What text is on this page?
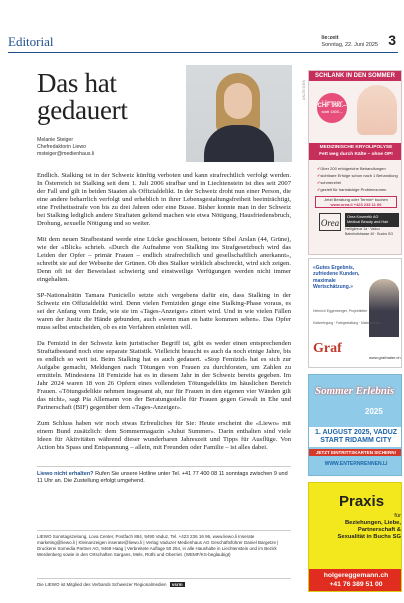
Editorial	lie:zeit
Sonntag, 22. Juni 2025 3
Das hat
gedauert
Melanie Steiger
Chefredaktorin Liewo
msteiger@medienhaus.li

Endlich. Stalking ist in der Schweiz künftig verboten und kann strafrechtlich verfolgt werden. In Österreich ist Stalking seit dem 1. Juli 2006 strafbar und in Liechtenstein ist dies seit 2007 der Fall und gilt in beiden Staaten als Offizialdelikt. In der Schweiz droht nun einer Person, die eine andere beharrlich verfolgt und erheblich in ihrer Lebensgestaltungsfreiheit beeinträchtigt, eine Freiheitsstrafe von bis zu drei Jahren oder eine Busse. Bisher konnte man in der Schweiz bei Stalking lediglich andere Straftaten geltend machen wie etwa Nötigung, Hausfriedensbruch, Drohung, sexuelle Nötigung und so weiter.

Mit dem neuen Strafbestand werde eine Lücke geschlossen, betonte Sibel Arslan (44, Grüne), wie der «Blick» schrieb. «Durch die Aufnahme von Stalking ins Strafgesetzbuch wird das Leiden der Opfer – primär Frauen – endlich strafrechtlich und gesellschaftlich anerkannt», schreibt sie auf der Webseite der Grünen. Ob dies Stalker wirklich abschreckt, wird sich zeigen. Denn oft ist der Beweislast schwierig und einstweilige Verfügungen werden nicht immer eingehalten.

SP-Nationalrätin Tamara Funiciello setzte sich vergebens dafür ein, dass Stalking in der Schweiz ein Offizialdelikt wird. Denn vielen Femiziden ginge eine Stalking-Phase voraus, es sei der Anfang vom Ende, wie sie im «Tages-Anzeiger» zitiert wird. Und in wie vielen Fällen waren der Justiz die Hände gebunden, auch «wenn man es hatte kommen sehen». Das Opfer muss selbst entscheiden, ob es ein Verfahren einleiten will.

Da Femizid in der Schweiz kein juristischer Begriff ist, gibt es weder einen entsprechenden Straftatbestand noch eine separate Statistik. Vielleicht braucht es auch da noch einige Jahre, bis es endlich so weit ist. Beim Stalking hat es auch gedauert. «Stop Femizid» hat es sich zur Aufgabe gemacht, Meldungen nach Tötungen von Frauen zu durchforsten, um Zahlen zu ermitteln. Mindestens 18 Femizide hat es in diesem Jahr in der Schweiz bereits gegeben. Im Jahr 2024 waren 18 von 26 Opfern eines vollendeten Tötungsdelikts im häuslichen Bereich Frauen. «Tötungsdelikte nehmen insgesamt ab, nur für Frauen in den eigenen vier Wänden gilt das nicht», sagt Pia Allemann von der Beratungsstelle für Frauen gegen Gewalt in Ehe und Partnerschaft (BIF) gegenüber dem «Tages-Anzeiger».

Zum Schluss haben wir noch etwas Erfreuliches für Sie: Heute erscheint die «Liewo» mit einem Bund zusätzlich: dem Sommermagazin «Juhui Summer». Darin enthalten sind viele Ideen für Aktivitäten während dieser wunderbaren Jahreszeit und Tipps für Ausflüge. Von Action bis Spass und Entspannung – allein, mit Freunden oder Familie – ist alles dabei.

Liewo nicht erhalten? Rufen Sie unsere Hotline unter Tel. +41 77 400 08 11 sonntags zwischen 9 und 11 Uhr an. Die Zustellung erfolgt umgehend.
LIEWO Sonntagszeitung, Lova Center, Postfach 884, 9490 Vaduz, Tel. +423 236 16 96, www.liewo.li Inserate marketing@liewo.li | Kleinanzeigen inserate@liewo.li | Verlag Vaduzer Medienhaus AG Geschäftsführer Daniel Bargetze | Druckerei Somedia Partner AG, 9469 Haag | Verbreitete Auflage 50 254, in alle Haushalte in Liechtenstein und im Bezirk Werdenberg sowie in den Ortschaften Sargans, Mels, Rüthi und Oberriet. (WEMF/KS-beglaubigt)
Die LIEWO ist Mitglied des Verbands Schweizer Regionalmedien vsrm
ANZEIGEN
SCHLANK IN DEN SOMMER
3 Zonen nur
CHF 990.–
statt 1800.–
MEDIZINISCHE KRYOLIPOLYSE
Fett weg durch Kälte – ohne OP!
✔ Über 200 erfolgreiche Behandlungen
✔ sichtbare Erfolge schon nach 1 Behandlung
✔ schmerzfrei
✔ gezielt für hartnäckige Problemzonen
Jetzt Beratung oder Termin* buchen
www.orea.li +423 233 11 66
Orea
Orea Kosmetik AG
Medical Beauty and Hair
Heiligkreuz 1a · Vaduz
Bahnhofstrasse 40 · Buchs SG
«Gutes Ergebnis, zufriedene Kunden, maximale Wertschätzung.»
Heinrich Eggenberger, Projektleiter
Kaltverlegung · Farbgestaltung · Malerarbeiten
Graf
www.grafmaler.ch
Sommer Erlebnis
2025
1. AUGUST 2025, VADUZ
START RIDAMM CITY
JETZT EINTRITTSKARTEN SICHERN!
WWW.ENTERNRENNEN.LI
Praxis
für
Beziehungen, Liebe,
Partnerschaft &
Sexualität in Buchs SG
holgereggemann.ch
+41 76 389 51 00
